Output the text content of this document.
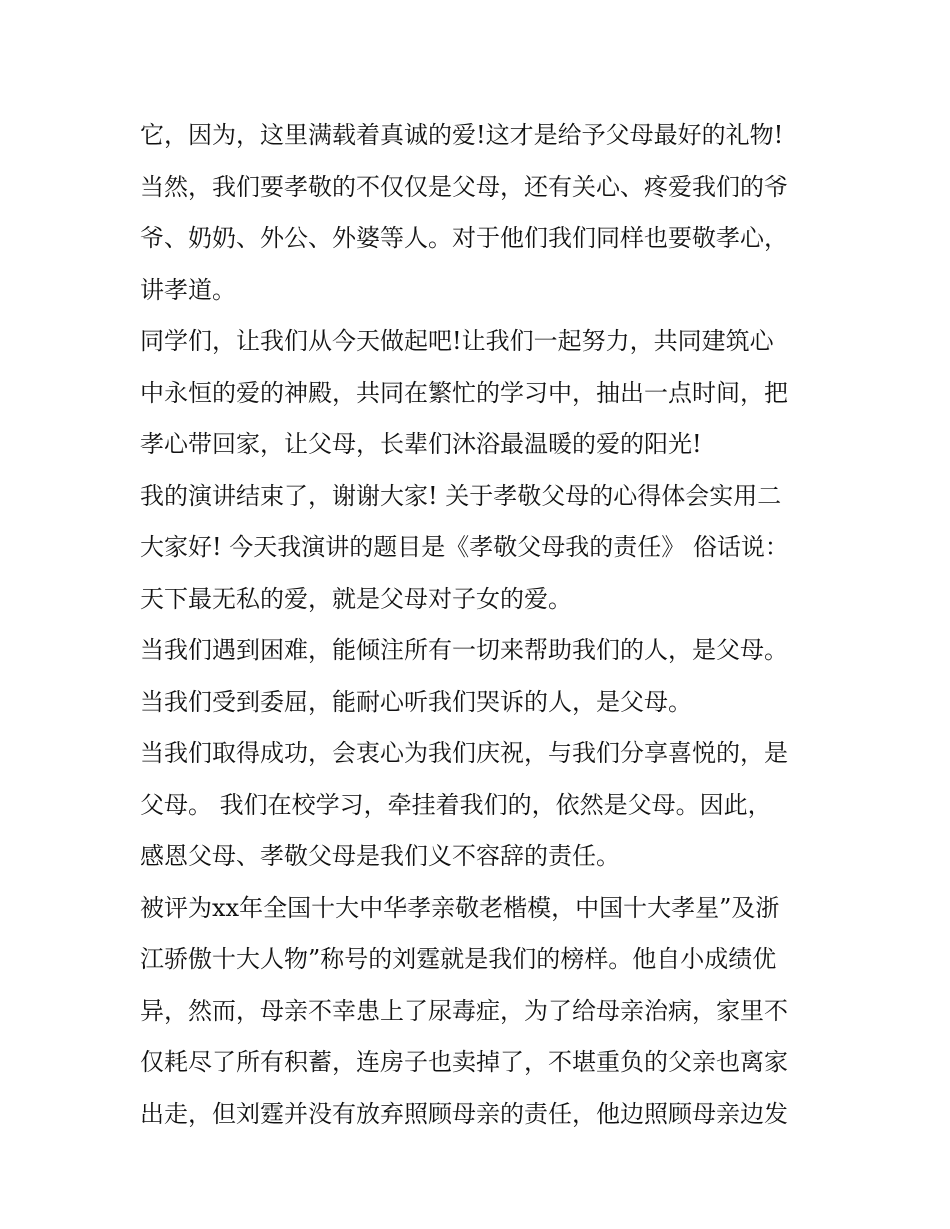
它，因为，这里满载着真诚的爱!这才是给予父母最好的礼物!
当然，我们要孝敬的不仅仅是父母，还有关心、疼爱我们的爷
爷、奶奶、外公、外婆等人。对于他们我们同样也要敬孝心，
讲孝道。
同学们，让我们从今天做起吧!让我们一起努力，共同建筑心
中永恒的爱的神殿，共同在繁忙的学习中，抽出一点时间，把
孝心带回家，让父母，长辈们沐浴最温暖的爱的阳光!
我的演讲结束了，谢谢大家! 关于孝敬父母的心得体会实用二
大家好! 今天我演讲的题目是《孝敬父母我的责任》 俗话说：
天下最无私的爱，就是父母对子女的爱。
当我们遇到困难，能倾注所有一切来帮助我们的人，是父母。
当我们受到委屈，能耐心听我们哭诉的人，是父母。
当我们取得成功，会衷心为我们庆祝，与我们分享喜悦的，是
父母。 我们在校学习，牵挂着我们的，依然是父母。因此，
感恩父母、孝敬父母是我们义不容辞的责任。
被评为xx年全国十大中华孝亲敬老楷模，中国十大孝星”及浙
江骄傲十大人物”称号的刘霆就是我们的榜样。他自小成绩优
异，然而，母亲不幸患上了尿毒症，为了给母亲治病，家里不
仅耗尽了所有积蓄，连房子也卖掉了，不堪重负的父亲也离家
出走，但刘霆并没有放弃照顾母亲的责任，他边照顾母亲边发
